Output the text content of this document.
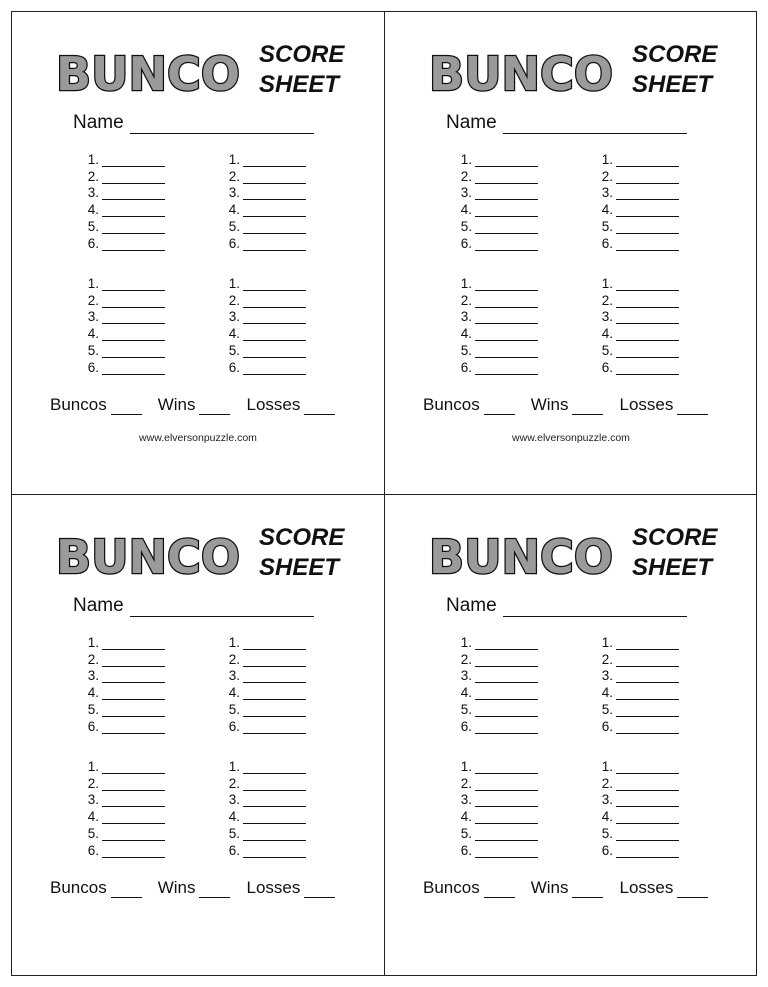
BUNCO SCORE
SHEET
Name
1.
2.
3.
4.
5.
6.
1.
2.
3.
4.
5.
6.
1.
2.
3.
4.
5.
6.
1.
2.
3.
4.
5.
6.
Buncos	Wins	Losses
www.elversonpuzzle.com
BUNCO SCORE
SHEET
Name
1.
2.
3.
4.
5.
6.
1.
2.
3.
4.
5.
6.
1.
2.
3.
4.
5.
6.
1.
2.
3.
4.
5.
6.
Buncos	Wins	Losses
www.elversonpuzzle.com
BUNCO SCORE
SHEET
Name
1.
2.
3.
4.
5.
6.
1.
2.
3.
4.
5.
6.
1.
2.
3.
4.
5.
6.
1.
2.
3.
4.
5.
6.
Buncos	Wins	Losses
BUNCO SCORE
SHEET
Name
1.
2.
3.
4.
5.
6.
1.
2.
3.
4.
5.
6.
1.
2.
3.
4.
5.
6.
1.
2.
3.
4.
5.
6.
Buncos	Wins	Losses
